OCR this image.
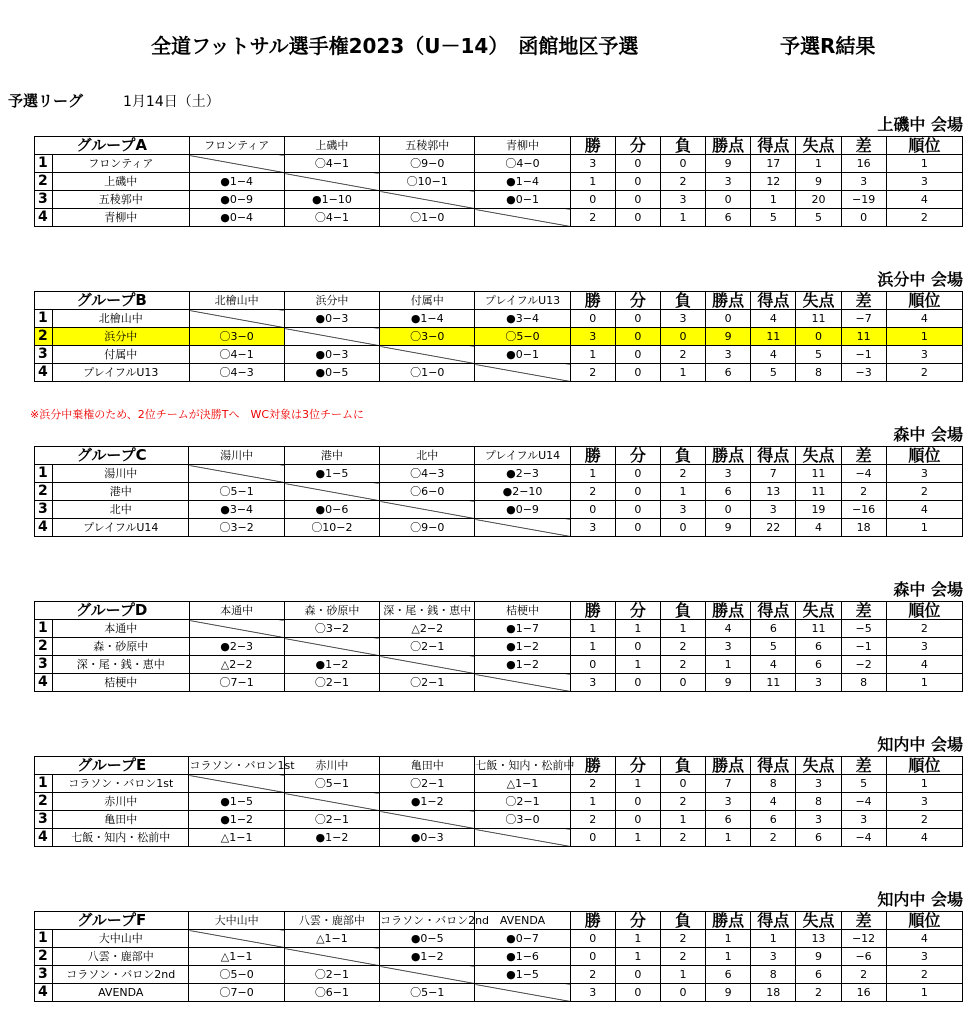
全道フットサル選手権2023（U－14）　函館地区予選	予選R結果
予選リーグ	1月14日（土）
※浜分中棄権のため、2位チームが決勝Tへ　WC対象は3位チームに
上磯中 会場
グループA		フロンティア	上磯中	五稜郭中	青柳中	勝	分	負	勝点	得点	失点	差	順位
1	フロンティア		〇4−1	〇9−0	〇4−0	3	0	0	9	17	1	16	1
2	上磯中	●1−4		〇10−1	●1−4	1	0	2	3	12	9	3	3
3	五稜郭中	●0−9	●1−10		●0−1	0	0	3	0	1	20	−19	4
4	青柳中	●0−4	〇4−1	〇1−0		2	0	1	6	5	5	0	2
浜分中 会場
グループB		北檜山中	浜分中	付属中	プレイフルU13	勝	分	負	勝点	得点	失点	差	順位
1	北檜山中		●0−3	●1−4	●3−4	0	0	3	0	4	11	−7	4
2	浜分中	〇3−0		〇3−0	〇5−0	3	0	0	9	11	0	11	1
3	付属中	〇4−1	●0−3		●0−1	1	0	2	3	4	5	−1	3
4	プレイフルU13	〇4−3	●0−5	〇1−0		2	0	1	6	5	8	−3	2
森中 会場
グループC		湯川中	港中	北中	プレイフルU14	勝	分	負	勝点	得点	失点	差	順位
1	湯川中		●1−5	〇4−3	●2−3	1	0	2	3	7	11	−4	3
2	港中	〇5−1		〇6−0	●2−10	2	0	1	6	13	11	2	2
3	北中	●3−4	●0−6		●0−9	0	0	3	0	3	19	−16	4
4	プレイフルU14	〇3−2	〇10−2	〇9−0		3	0	0	9	22	4	18	1
森中 会場
グループD		本通中	森・砂原中	深・尾・銭・恵中	桔梗中	勝	分	負	勝点	得点	失点	差	順位
1	本通中		〇3−2	△2−2	●1−7	1	1	1	4	6	11	−5	2
2	森・砂原中	●2−3		〇2−1	●1−2	1	0	2	3	5	6	−1	3
3	深・尾・銭・恵中	△2−2	●1−2		●1−2	0	1	2	1	4	6	−2	4
4	桔梗中	〇7−1	〇2−1	〇2−1		3	0	0	9	11	3	8	1
知内中 会場
グループE		コラソン・バロン1st	赤川中	亀田中	七飯・知内・松前中	勝	分	負	勝点	得点	失点	差	順位
1	コラソン・バロン1st		〇5−1	〇2−1	△1−1	2	1	0	7	8	3	5	1
2	赤川中	●1−5		●1−2	〇2−1	1	0	2	3	4	8	−4	3
3	亀田中	●1−2	〇2−1		〇3−0	2	0	1	6	6	3	3	2
4	七飯・知内・松前中	△1−1	●1−2	●0−3		0	1	2	1	2	6	−4	4
知内中 会場
グループF		大中山中	八雲・鹿部中	コラソン・バロン2nd	AVENDA	勝	分	負	勝点	得点	失点	差	順位
1	大中山中		△1−1	●0−5	●0−7	0	1	2	1	1	13	−12	4
2	八雲・鹿部中	△1−1		●1−2	●1−6	0	1	2	1	3	9	−6	3
3	コラソン・バロン2nd	〇5−0	〇2−1		●1−5	2	0	1	6	8	6	2	2
4	AVENDA	〇7−0	〇6−1	〇5−1		3	0	0	9	18	2	16	1
